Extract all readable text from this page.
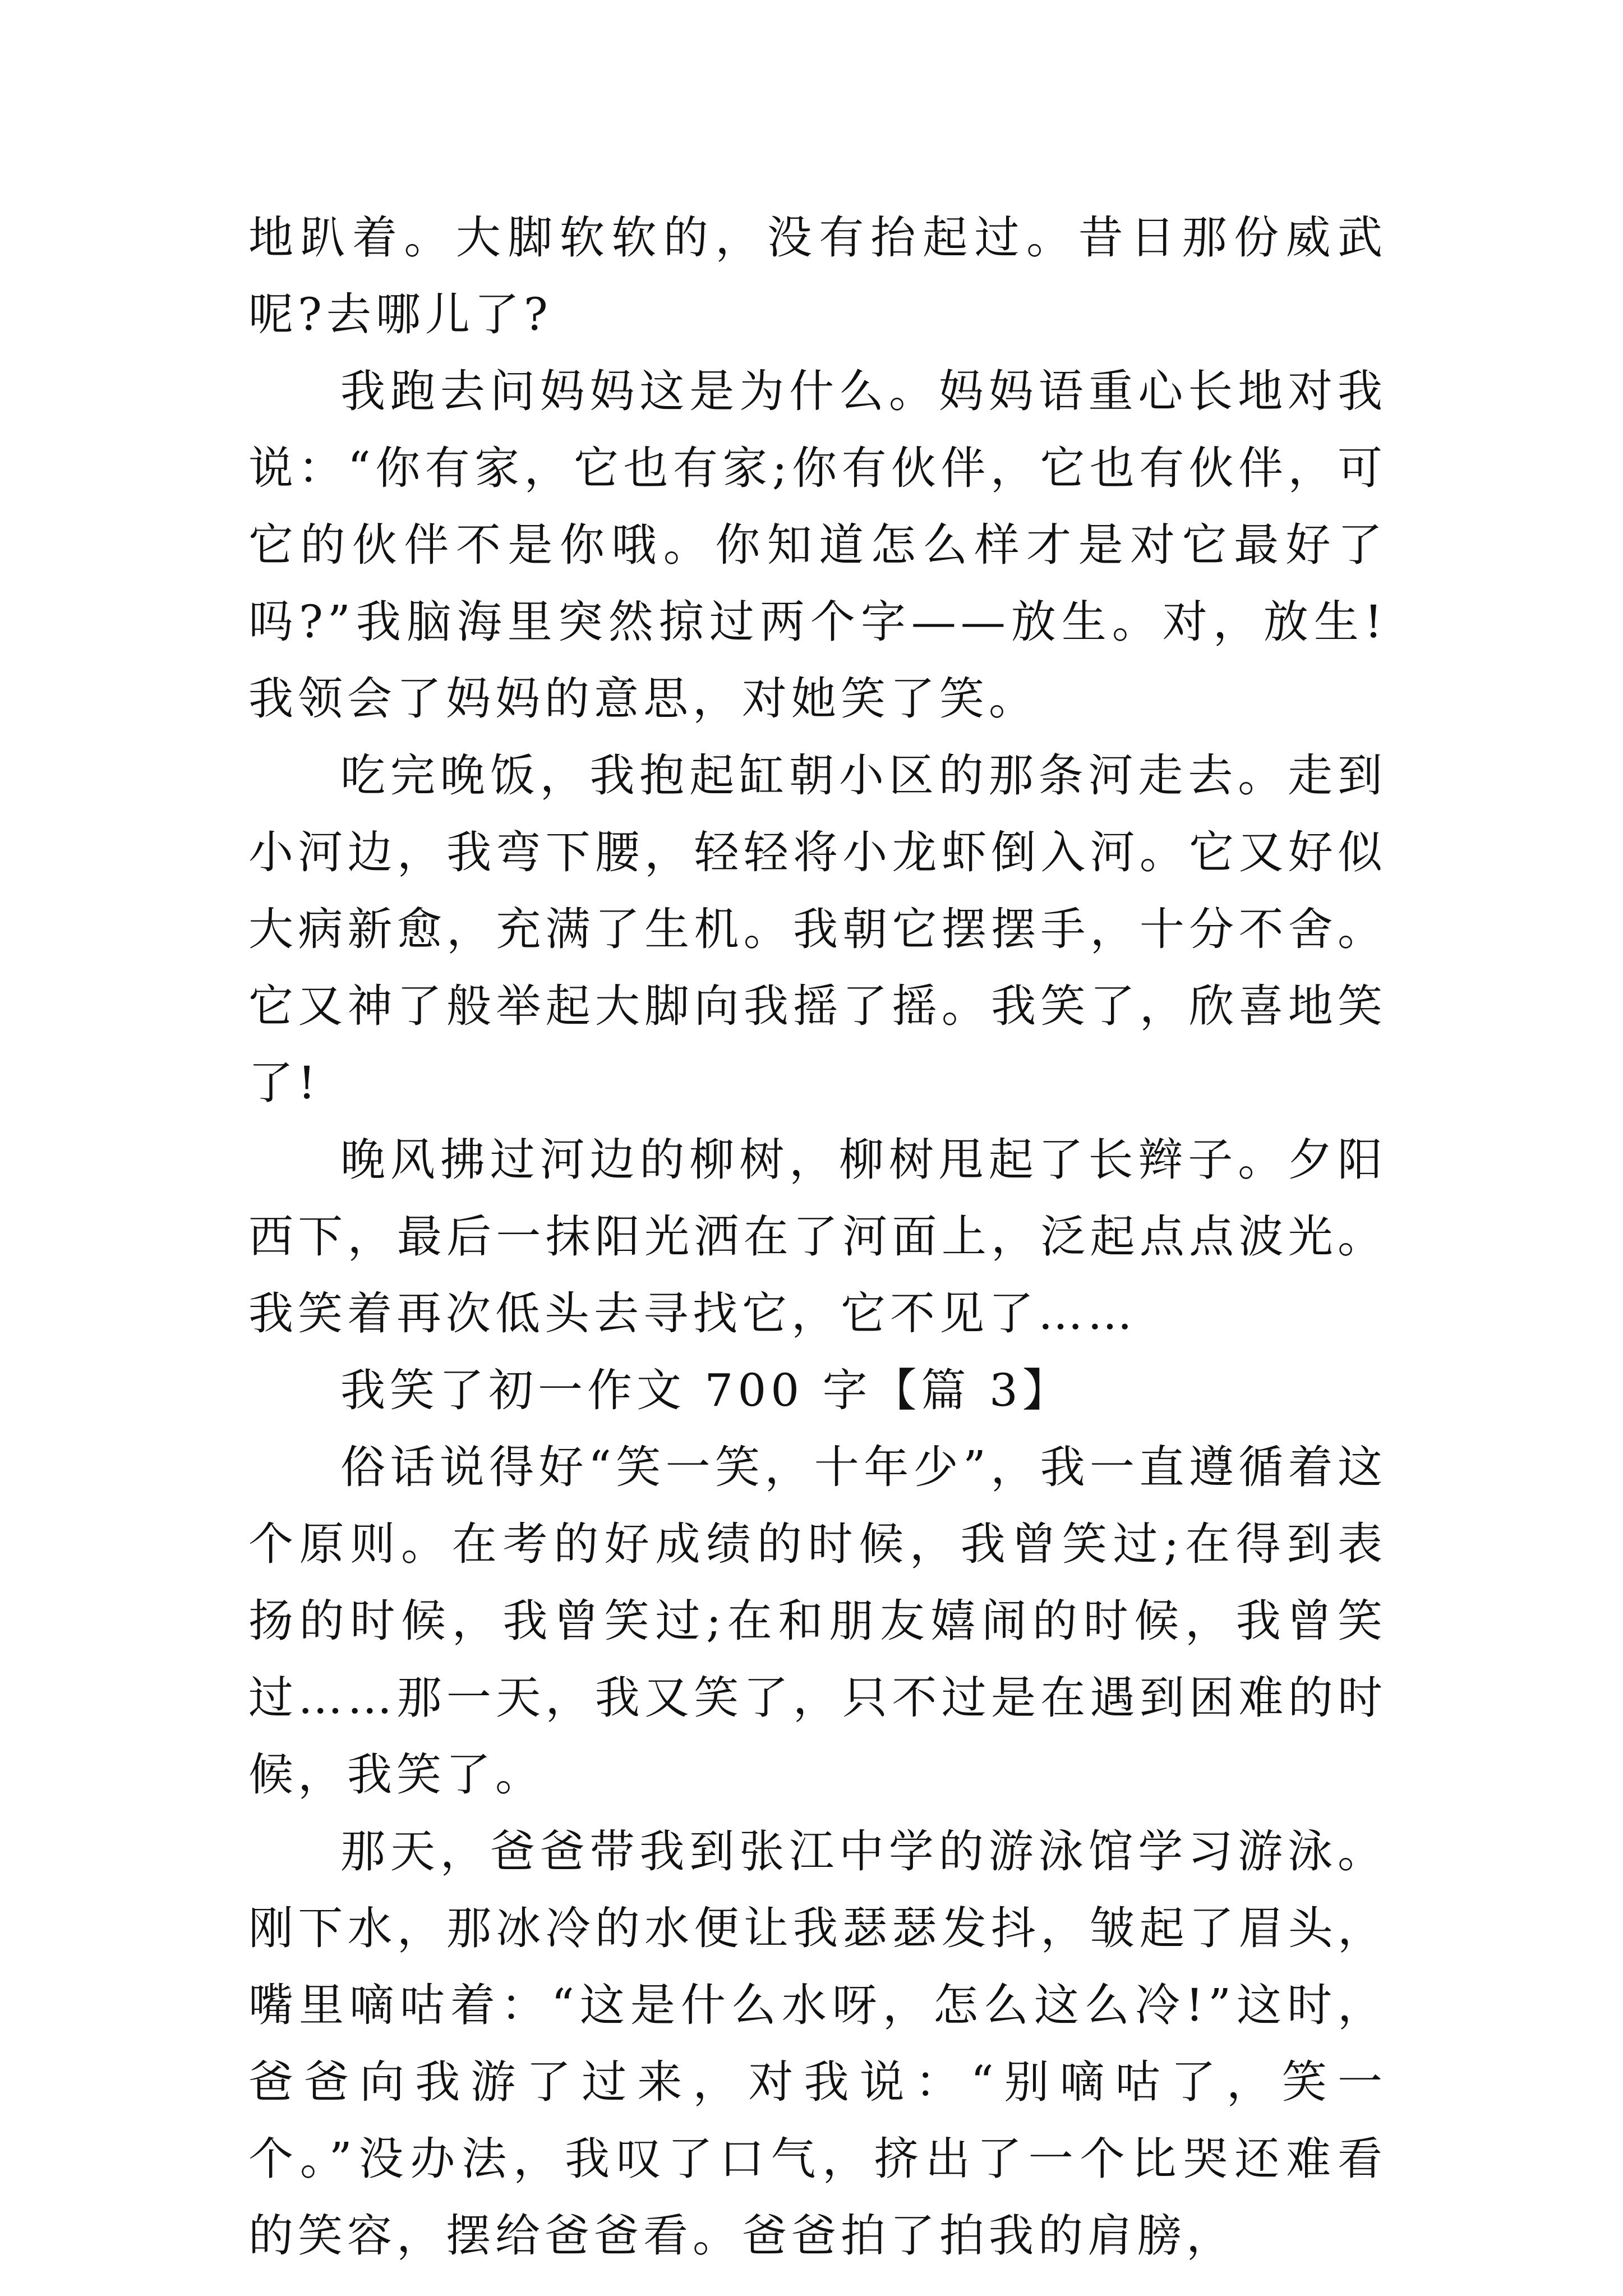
地趴着。大脚软软的，没有抬起过。昔日那份威武呢?去哪儿了?

我跑去问妈妈这是为什么。妈妈语重心长地对我说：“你有家，它也有家;你有伙伴，它也有伙伴，可它的伙伴不是你哦。你知道怎么样才是对它最好了吗?”我脑海里突然掠过两个字——放生。对，放生!我领会了妈妈的意思，对她笑了笑。

吃完晚饭，我抱起缸朝小区的那条河走去。走到小河边，我弯下腰，轻轻将小龙虾倒入河。它又好似大病新愈，充满了生机。我朝它摆摆手，十分不舍。它又神了般举起大脚向我摇了摇。我笑了，欣喜地笑了!

晚风拂过河边的柳树，柳树甩起了长辫子。夕阳西下，最后一抹阳光洒在了河面上，泛起点点波光。我笑着再次低头去寻找它，它不见了……

我笑了初一作文 700 字【篇 3】

俗话说得好“笑一笑，十年少”，我一直遵循着这个原则。在考的好成绩的时候，我曾笑过;在得到表扬的时候，我曾笑过;在和朋友嬉闹的时候，我曾笑过……那一天，我又笑了，只不过是在遇到困难的时候，我笑了。

那天，爸爸带我到张江中学的游泳馆学习游泳。刚下水，那冰冷的水便让我瑟瑟发抖，皱起了眉头，嘴里嘀咕着：“这是什么水呀，怎么这么冷!”这时，爸爸向我游了过来，对我说：“别嘀咕了，笑一个。”没办法，我叹了口气，挤出了一个比哭还难看的笑容，摆给爸爸看。爸爸拍了拍我的肩膀，
